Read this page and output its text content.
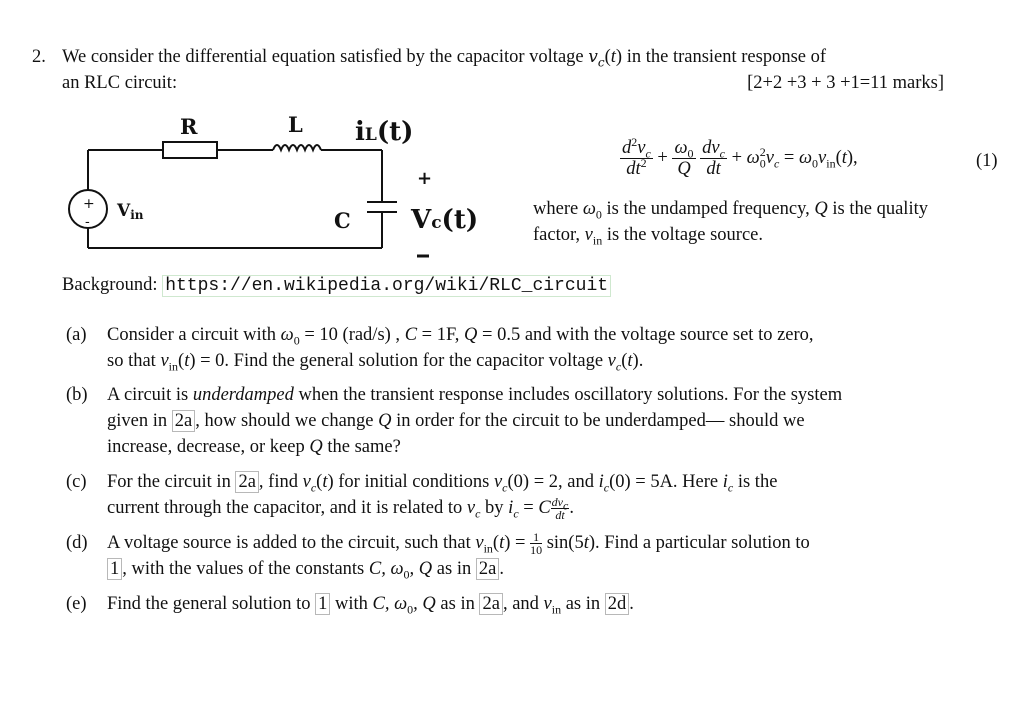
2. We consider the differential equation satisfied by the capacitor voltage $v_c(t)$ in the transient response of
an RLC circuit:	[2+2 +3 + 3 +1=11 marks]
+
-
Vin
R	L iL(t)
C
+
Vc(t)
$\frac{d^2v_c}{dt^2} + \frac{\omega_0}{Q}$
$\frac{dv_c}{dt} + \omega_0^2v_c = \omega_0v_{in}(t)$,	(1)
where $\omega_0$ is the undamped frequency, Q is the quality
factor, $v_{in}$ is the voltage source.
Background: https://en.wikipedia.org/wiki/RLC_circuit
(a) Consider a circuit with $\omega_0 = 10$ (rad/s) , C = 1F, Q = 0.5 and with the voltage source set to zero,
so that $v_{in}(t) = 0$. Find the general solution for the capacitor voltage $v_c(t)$.
(b) A circuit is underdamped when the transient response includes oscillatory solutions. For the system
given in 2a , how should we change Q in order for the circuit to be underdamped— should we
increase, decrease, or keep Q the same?
(c) For the circuit in 2a , find $v_c(t)$ for initial conditions $v_c(0) = 2$, and $i_c(0) = 5A$. Here $i_c$ is the
current through the capacitor, and it is related to $v_c$ by $i_c = C$ $dv_c$
dt .
(d) A voltage source is added to the circuit, such that $v_{in}(t) = \frac{1}{10} \sin(5t)$. Find a particular solution to
1 , with the values of the constants C, $\omega_0$, Q as in 2a .
(e) Find the general solution to 1 with C, $\omega_0$, Q as in 2a , and $v_{in}$ as in 2d .
